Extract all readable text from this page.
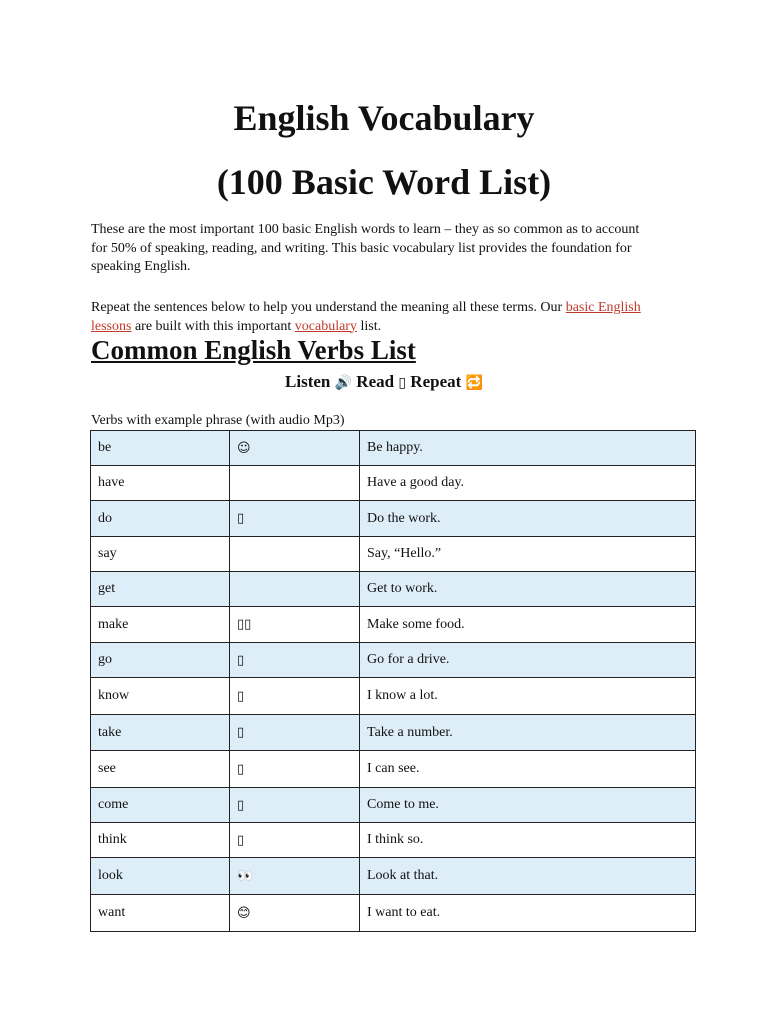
English Vocabulary
(100 Basic Word List)

These are the most important 100 basic English words to learn – they as so common as to account for 50% of speaking, reading, and writing. This basic vocabulary list provides the foundation for speaking English.

Repeat the sentences below to help you understand the meaning all these terms. Our basic English lessons are built with this important vocabulary list.

Common English Verbs List
Listen 🔊 Read ▯ Repeat 🔁
Verbs with example phrase (with audio Mp3)
be	☺	Be happy.
have		Have a good day.
do	▯	Do the work.
say		Say, “Hello.”
get		Get to work.
make	▯▯	Make some food.
go	▯	Go for a drive.
know	▯	I know a lot.
take	▯	Take a number.
see	▯	I can see.
come	▯	Come to me.
think	▯	I think so.
look	👀	Look at that.
want	😊	I want to eat.
